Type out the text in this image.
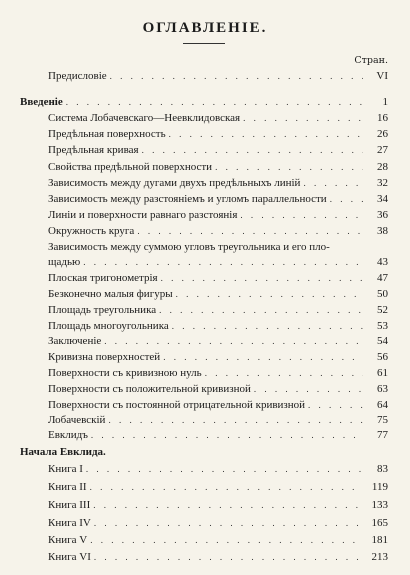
ОГЛАВЛЕНІЕ.
Стран.
Предисловіе . . .	VI
Введеніе . . .	1
Система Лобачевскаго—Неевклидовская . . .	16
Предѣльная поверхность . . .	26
Предѣльная кривая . . .	27
Свойства предѣльной поверхности . . .	28
Зависимость между дугами двухъ предѣльныхъ линій . . .	32
Зависимость между разстояніемъ и угломъ параллельности . . .	34
Линіи и поверхности равнаго разстоянія . . .	36
Окружность круга . . .	38
Зависимость между суммою угловъ треугольника и его пло-
щадью . . .	43
Плоская тригонометрія . . .	47
Безконечно малыя фигуры . . .	50
Площадь треугольника . . .	52
Площадь многоугольника . . .	53
Заключеніе . . .	54
Кривизна поверхностей . . .	56
Поверхности съ кривизною нуль . . .	61
Поверхности съ положительной кривизной . . .	63
Поверхности съ постоянной отрицательной кривизной . . .	64
Лобачевскій . . .	75
Евклидъ . . .	77
Начала Евклида.
Книга I . . .	83
Книга II . . .	119
Книга III . . .	133
Книга IV . . .	165
Книга V . . .	181
Книга VI . . .	213
